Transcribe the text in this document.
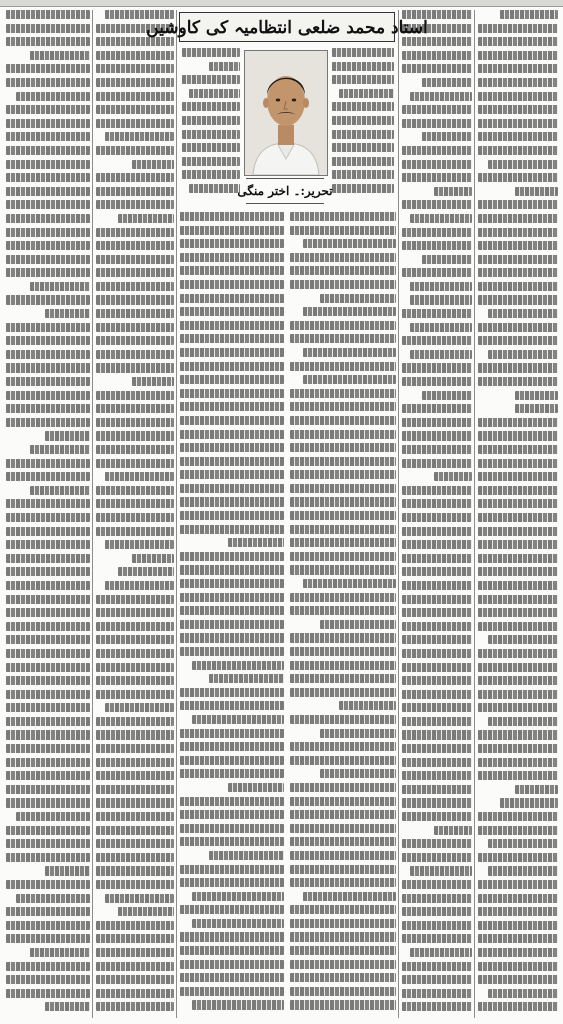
استاد محمد ضلعی انتظامیہ کی کاوشیں
تحریر:۔ اختر منگی
